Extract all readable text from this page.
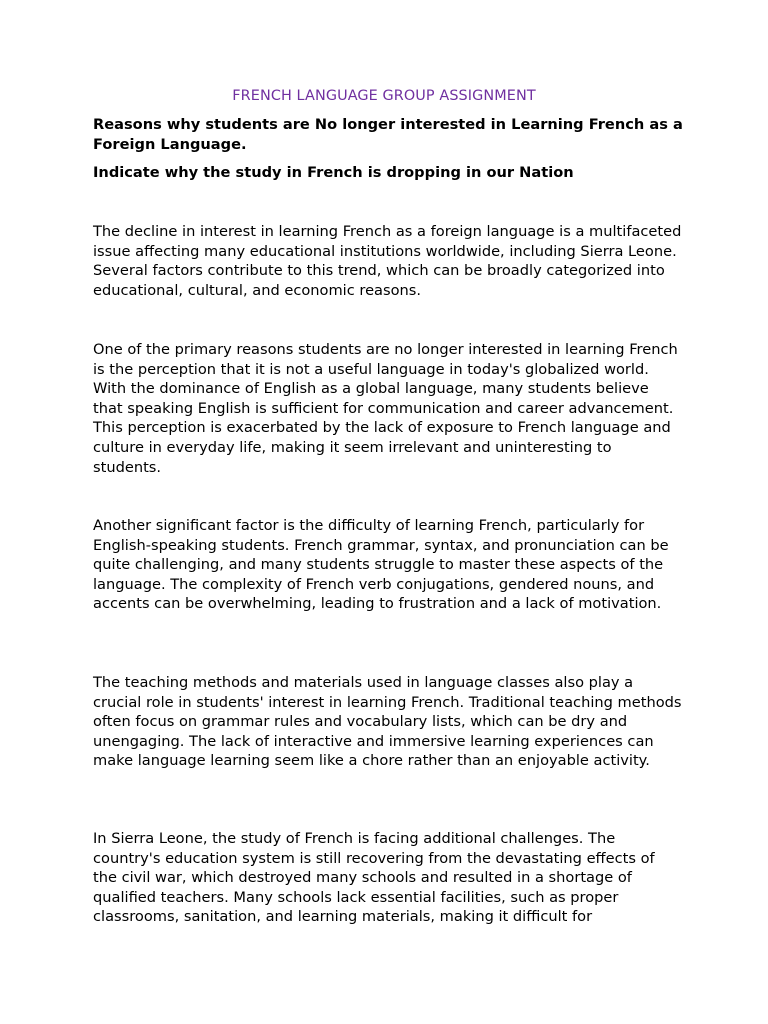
FRENCH LANGUAGE GROUP ASSIGNMENT

Reasons why students are No longer interested in Learning French as a Foreign Language.

Indicate why the study in French is dropping in our Nation

The decline in interest in learning French as a foreign language is a multifaceted issue affecting many educational institutions worldwide, including Sierra Leone. Several factors contribute to this trend, which can be broadly categorized into educational, cultural, and economic reasons.

One of the primary reasons students are no longer interested in learning French is the perception that it is not a useful language in today's globalized world. With the dominance of English as a global language, many students believe that speaking English is sufficient for communication and career advancement. This perception is exacerbated by the lack of exposure to French language and culture in everyday life, making it seem irrelevant and uninteresting to students.

Another significant factor is the difficulty of learning French, particularly for English-speaking students. French grammar, syntax, and pronunciation can be quite challenging, and many students struggle to master these aspects of the language. The complexity of French verb conjugations, gendered nouns, and accents can be overwhelming, leading to frustration and a lack of motivation.

The teaching methods and materials used in language classes also play a crucial role in students' interest in learning French. Traditional teaching methods often focus on grammar rules and vocabulary lists, which can be dry and unengaging. The lack of interactive and immersive learning experiences can make language learning seem like a chore rather than an enjoyable activity.

In Sierra Leone, the study of French is facing additional challenges. The country's education system is still recovering from the devastating effects of the civil war, which destroyed many schools and resulted in a shortage of qualified teachers. Many schools lack essential facilities, such as proper classrooms, sanitation, and learning materials, making it difficult for
